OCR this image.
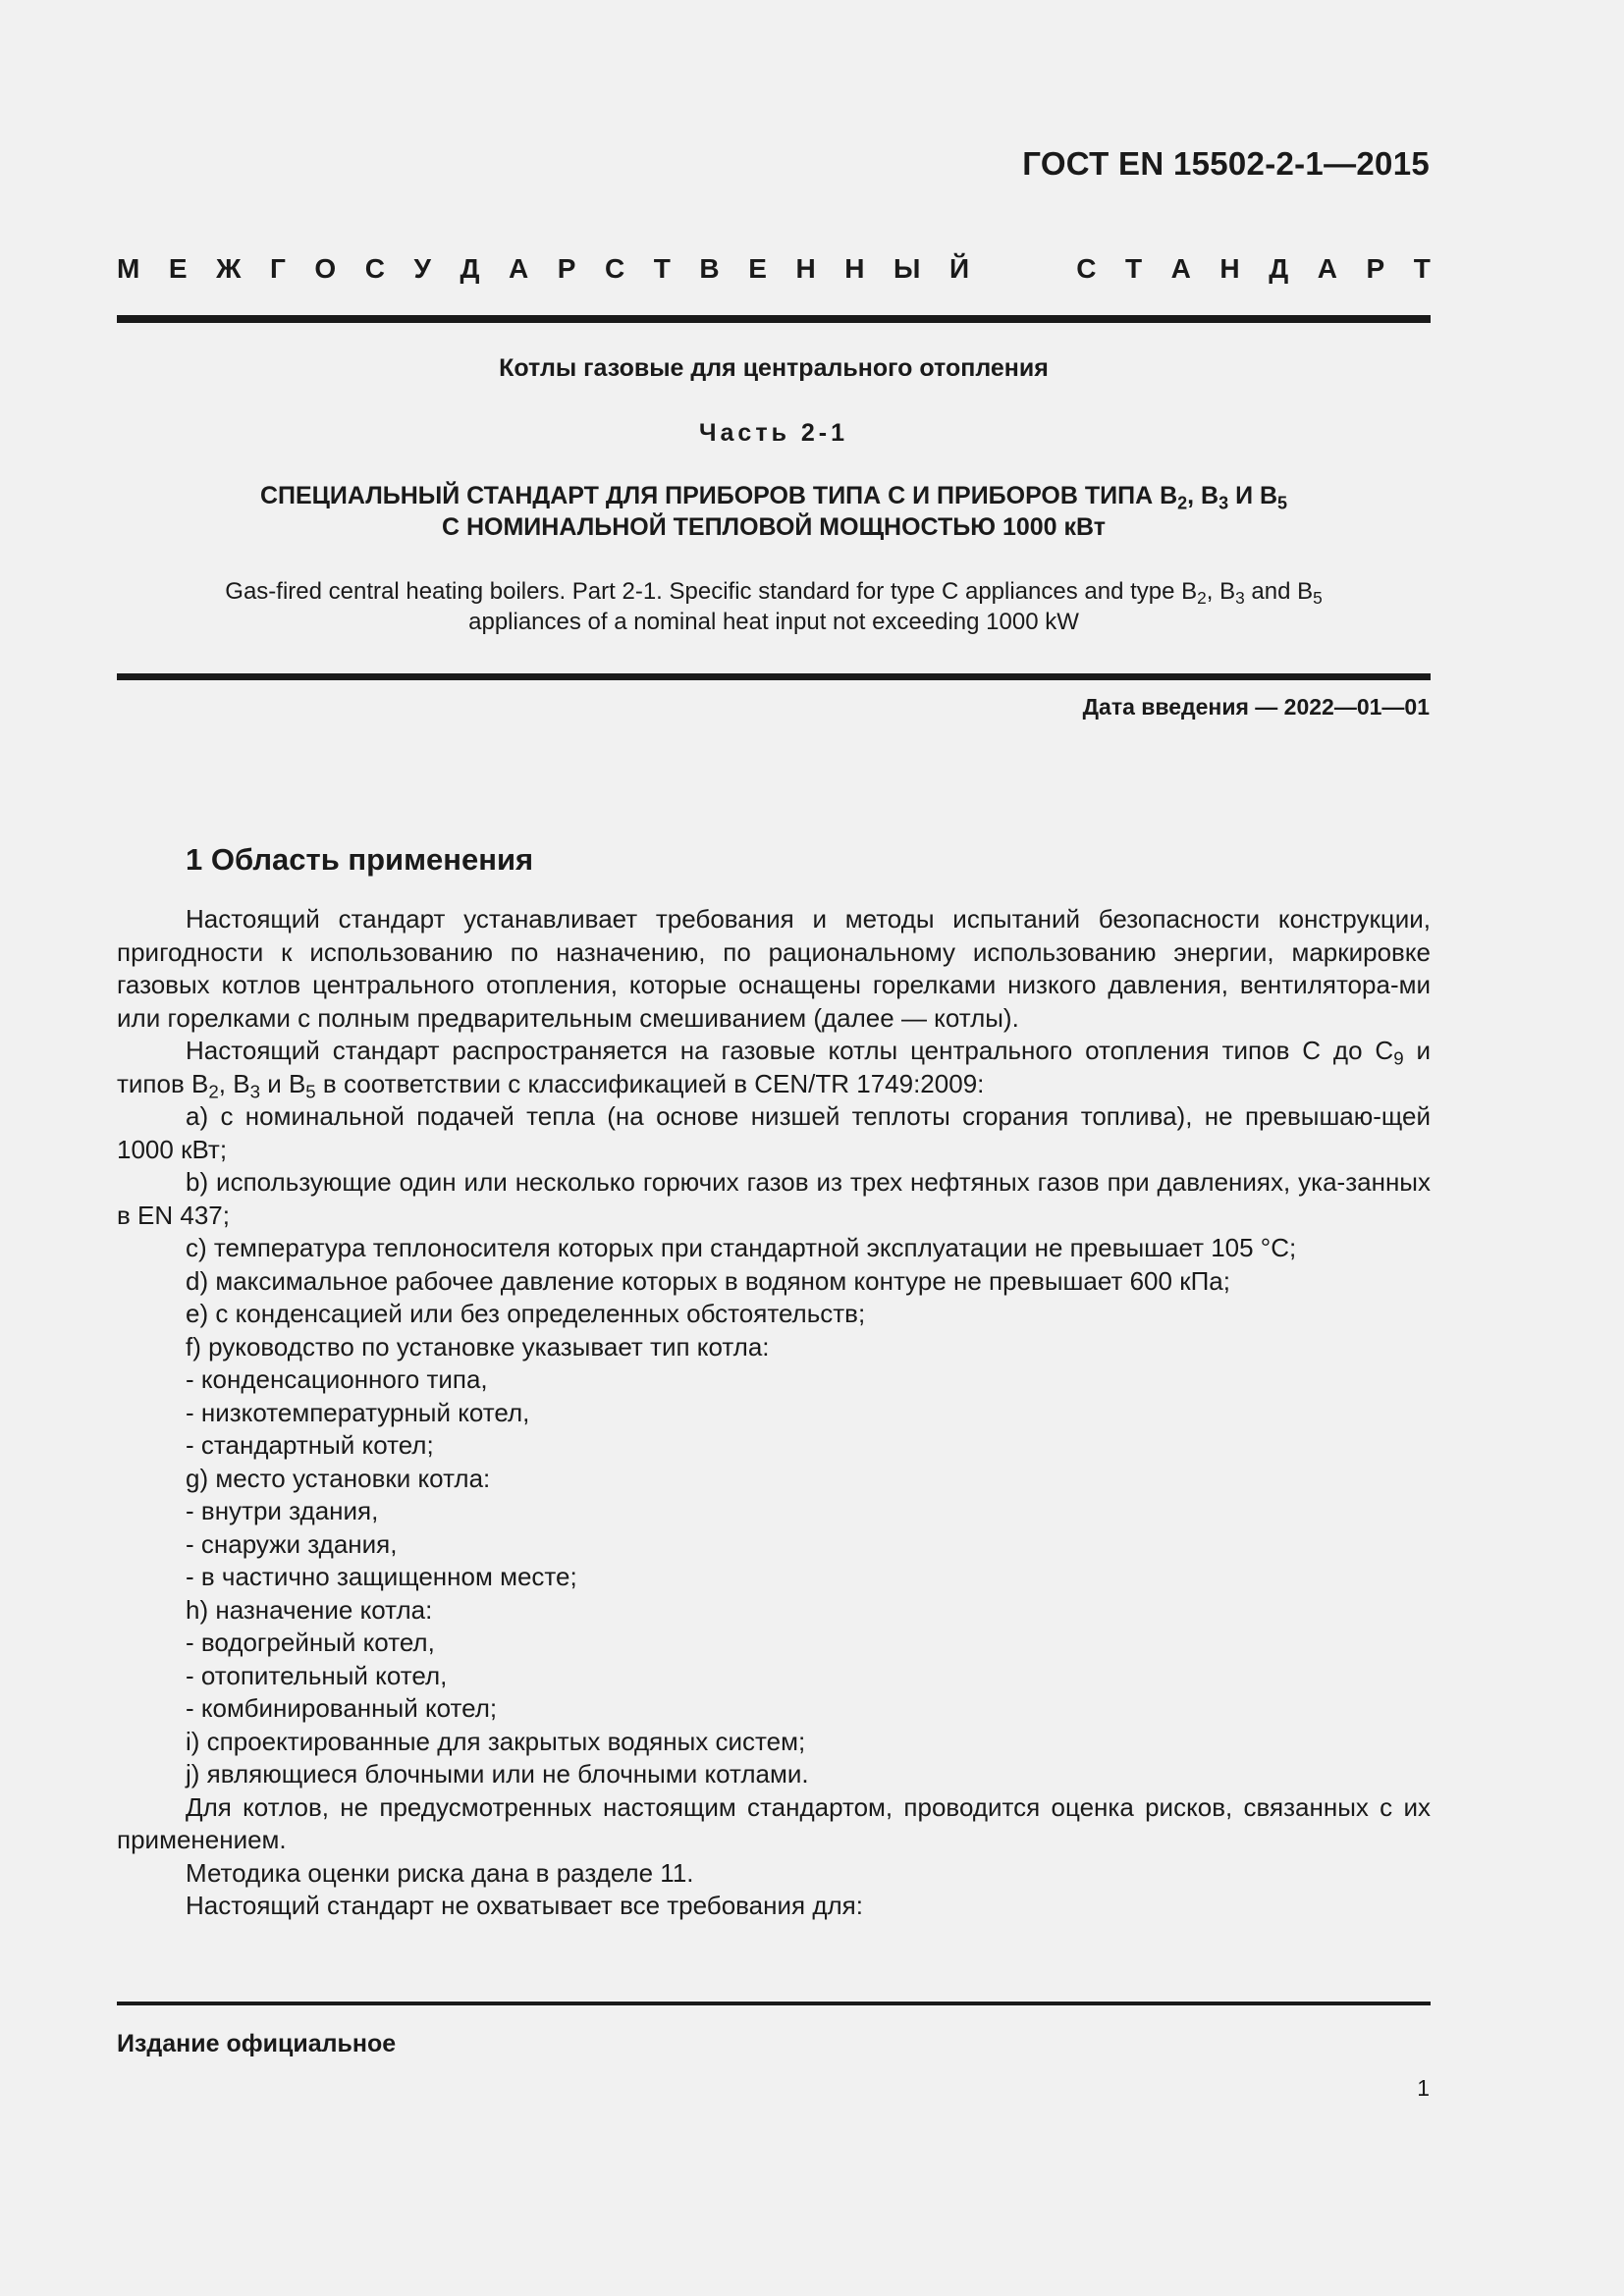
ГОСТ EN 15502-2-1—2015
М Е Ж Г О С У Д А Р С Т В Е Н Н Ы Й	С Т А Н Д А Р Т
Котлы газовые для центрального отопления
Часть 2-1
СПЕЦИАЛЬНЫЙ СТАНДАРТ ДЛЯ ПРИБОРОВ ТИПА С И ПРИБОРОВ ТИПА $В_2$, $В_3$ И $В_5$
С НОМИНАЛЬНОЙ ТЕПЛОВОЙ МОЩНОСТЬЮ 1000 кВт
Gas-fired central heating boilers. Part 2-1. Specific standard for type C appliances and type $B_2$, $B_3$ and $B_5$
appliances of a nominal heat input not exceeding 1000 kW
Дата введения — 2022—01—01
1 Область применения

Настоящий стандарт устанавливает требования и методы испытаний безопасности конструкции, пригодности к использованию по назначению, по рациональному использованию энергии, маркировке газовых котлов центрального отопления, которые оснащены горелками низкого давления, вентилятора-ми или горелками с полным предварительным смешиванием (далее — котлы).

Настоящий стандарт распространяется на газовые котлы центрального отопления типов С до $С_9$ и типов $В_2$, $В_3$ и $В_5$ в соответствии с классификацией в CEN/TR 1749:2009:

a) с номинальной подачей тепла (на основе низшей теплоты сгорания топлива), не превышаю-щей 1000 кВт;

b) использующие один или несколько горючих газов из трех нефтяных газов при давлениях, ука-занных в EN 437;

c) температура теплоносителя которых при стандартной эксплуатации не превышает 105 °С;

d) максимальное рабочее давление которых в водяном контуре не превышает 600 кПа;

e) с конденсацией или без определенных обстоятельств;

f) руководство по установке указывает тип котла:

- конденсационного типа,

- низкотемпературный котел,

- стандартный котел;

g) место установки котла:

- внутри здания,

- снаружи здания,

- в частично защищенном месте;

h) назначение котла:

- водогрейный котел,

- отопительный котел,

- комбинированный котел;

i) спроектированные для закрытых водяных систем;

j) являющиеся блочными или не блочными котлами.

Для котлов, не предусмотренных настоящим стандартом, проводится оценка рисков, связанных с их применением.

Методика оценки риска дана в разделе 11.

Настоящий стандарт не охватывает все требования для:

Издание официальное
1
